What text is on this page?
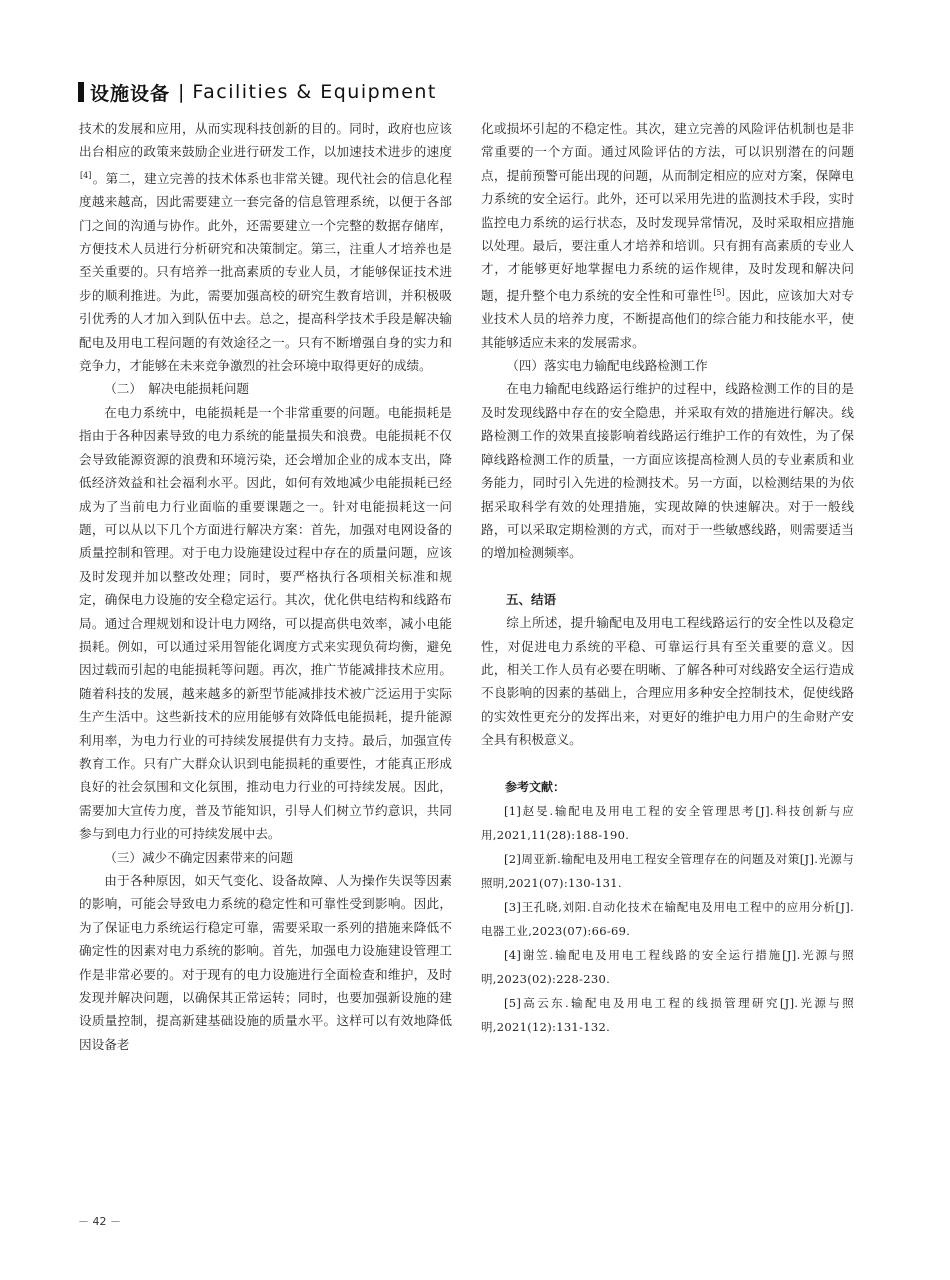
设施设备 | Facilities & Equipment

技术的发展和应用，从而实现科技创新的目的。同时，政府也应该出台相应的政策来鼓励企业进行研发工作，以加速技术进步的速度[4]。第二，建立完善的技术体系也非常关键。现代社会的信息化程度越来越高，因此需要建立一套完备的信息管理系统，以便于各部门之间的沟通与协作。此外，还需要建立一个完整的数据存储库，方便技术人员进行分析研究和决策制定。第三，注重人才培养也是至关重要的。只有培养一批高素质的专业人员，才能够保证技术进步的顺利推进。为此，需要加强高校的研究生教育培训，并积极吸引优秀的人才加入到队伍中去。总之，提高科学技术手段是解决输配电及用电工程问题的有效途径之一。只有不断增强自身的实力和竞争力，才能够在未来竞争激烈的社会环境中取得更好的成绩。

（二）　解决电能损耗问题

在电力系统中，电能损耗是一个非常重要的问题。电能损耗是指由于各种因素导致的电力系统的能量损失和浪费。电能损耗不仅会导致能源资源的浪费和环境污染，还会增加企业的成本支出，降低经济效益和社会福利水平。因此，如何有效地减少电能损耗已经成为了当前电力行业面临的重要课题之一。针对电能损耗这一问题，可以从以下几个方面进行解决方案：首先，加强对电网设备的质量控制和管理。对于电力设施建设过程中存在的质量问题，应该及时发现并加以整改处理；同时，要严格执行各项相关标准和规定，确保电力设施的安全稳定运行。其次，优化供电结构和线路布局。通过合理规划和设计电力网络，可以提高供电效率，减小电能损耗。例如，可以通过采用智能化调度方式来实现负荷均衡，避免因过载而引起的电能损耗等问题。再次，推广节能减排技术应用。随着科技的发展，越来越多的新型节能减排技术被广泛运用于实际生产生活中。这些新技术的应用能够有效降低电能损耗，提升能源利用率，为电力行业的可持续发展提供有力支持。最后，加强宣传教育工作。只有广大群众认识到电能损耗的重要性，才能真正形成良好的社会氛围和文化氛围，推动电力行业的可持续发展。因此，需要加大宣传力度，普及节能知识，引导人们树立节约意识，共同参与到电力行业的可持续发展中去。

（三）减少不确定因素带来的问题

由于各种原因，如天气变化、设备故障、人为操作失误等因素的影响，可能会导致电力系统的稳定性和可靠性受到影响。因此，为了保证电力系统运行稳定可靠，需要采取一系列的措施来降低不确定性的因素对电力系统的影响。首先，加强电力设施建设管理工作是非常必要的。对于现有的电力设施进行全面检查和维护，及时发现并解决问题，以确保其正常运转；同时，也要加强新设施的建设质量控制，提高新建基础设施的质量水平。这样可以有效地降低因设备老

化或损坏引起的不稳定性。其次，建立完善的风险评估机制也是非常重要的一个方面。通过风险评估的方法，可以识别潜在的问题点，提前预警可能出现的问题，从而制定相应的应对方案，保障电力系统的安全运行。此外，还可以采用先进的监测技术手段，实时监控电力系统的运行状态，及时发现异常情况，及时采取相应措施以处理。最后，要注重人才培养和培训。只有拥有高素质的专业人才，才能够更好地掌握电力系统的运作规律，及时发现和解决问题，提升整个电力系统的安全性和可靠性[5]。因此，应该加大对专业技术人员的培养力度，不断提高他们的综合能力和技能水平，使其能够适应未来的发展需求。

（四）落实电力输配电线路检测工作

在电力输配电线路运行维护的过程中，线路检测工作的目的是及时发现线路中存在的安全隐患，并采取有效的措施进行解决。线路检测工作的效果直接影响着线路运行维护工作的有效性，为了保障线路检测工作的质量，一方面应该提高检测人员的专业素质和业务能力，同时引入先进的检测技术。另一方面，以检测结果的为依据采取科学有效的处理措施，实现故障的快速解决。对于一般线路，可以采取定期检测的方式，而对于一些敏感线路，则需要适当的增加检测频率。

五、结语

综上所述，提升输配电及用电工程线路运行的安全性以及稳定性，对促进电力系统的平稳、可靠运行具有至关重要的意义。因此，相关工作人员有必要在明晰、了解各种可对线路安全运行造成不良影响的因素的基础上，合理应用多种安全控制技术，促使线路的实效性更充分的发挥出来，对更好的维护电力用户的生命财产安全具有积极意义。

参考文献：

[1]赵旻.输配电及用电工程的安全管理思考[J].科技创新与应用,2021,11(28):188-190.

[2]周亚新.输配电及用电工程安全管理存在的问题及对策[J].光源与照明,2021(07):130-131.

[3]王孔晓,刘阳.自动化技术在输配电及用电工程中的应用分析[J].电器工业,2023(07):66-69.

[4]谢笠.输配电及用电工程线路的安全运行措施[J].光源与照明,2023(02):228-230.

[5]高云东.输配电及用电工程的线损管理研究[J].光源与照明,2021(12):131-132.

－ 42 －
